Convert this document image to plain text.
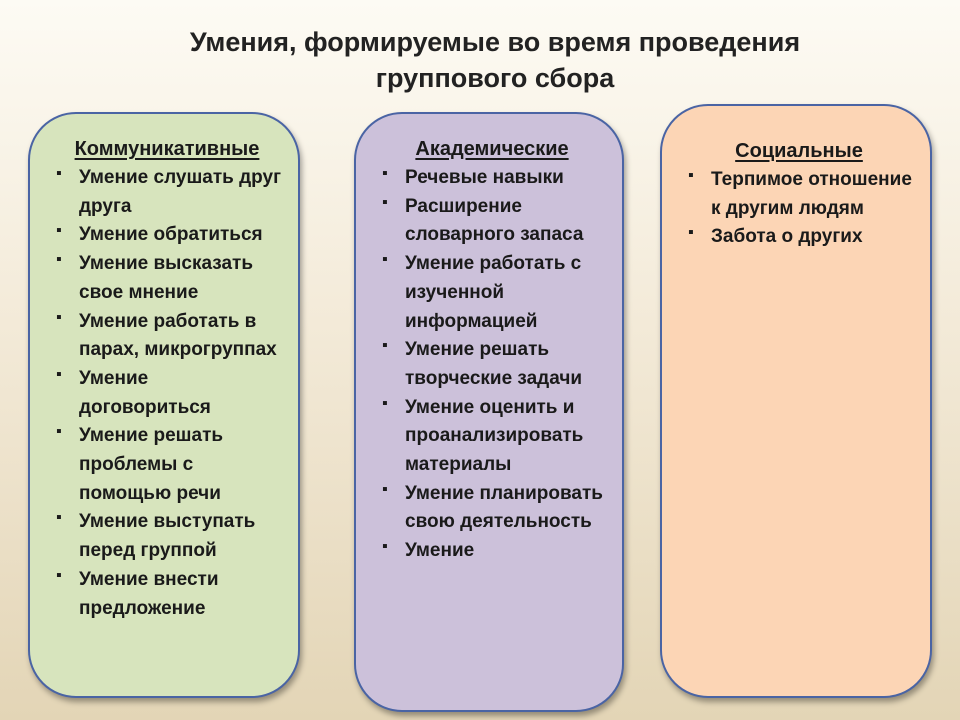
Умения, формируемые во время проведения
группового сбора
Коммуникативные
▪ Умение слушать друг друга
▪ Умение обратиться
▪ Умение высказать свое мнение
▪ Умение работать в парах, микрогруппах
▪ Умение договориться
▪ Умение решать проблемы с помощью речи
▪ Умение выступать перед группой
▪ Умение внести предложение
Академические
▪ Речевые навыки
▪ Расширение словарного запаса
▪ Умение работать с изученной информацией
▪ Умение решать творческие задачи
▪ Умение оценить и проанализировать материалы
▪ Умение планировать свою деятельность
▪ Умение
Социальные
▪ Терпимое отношение к другим людям
▪ Забота о других
